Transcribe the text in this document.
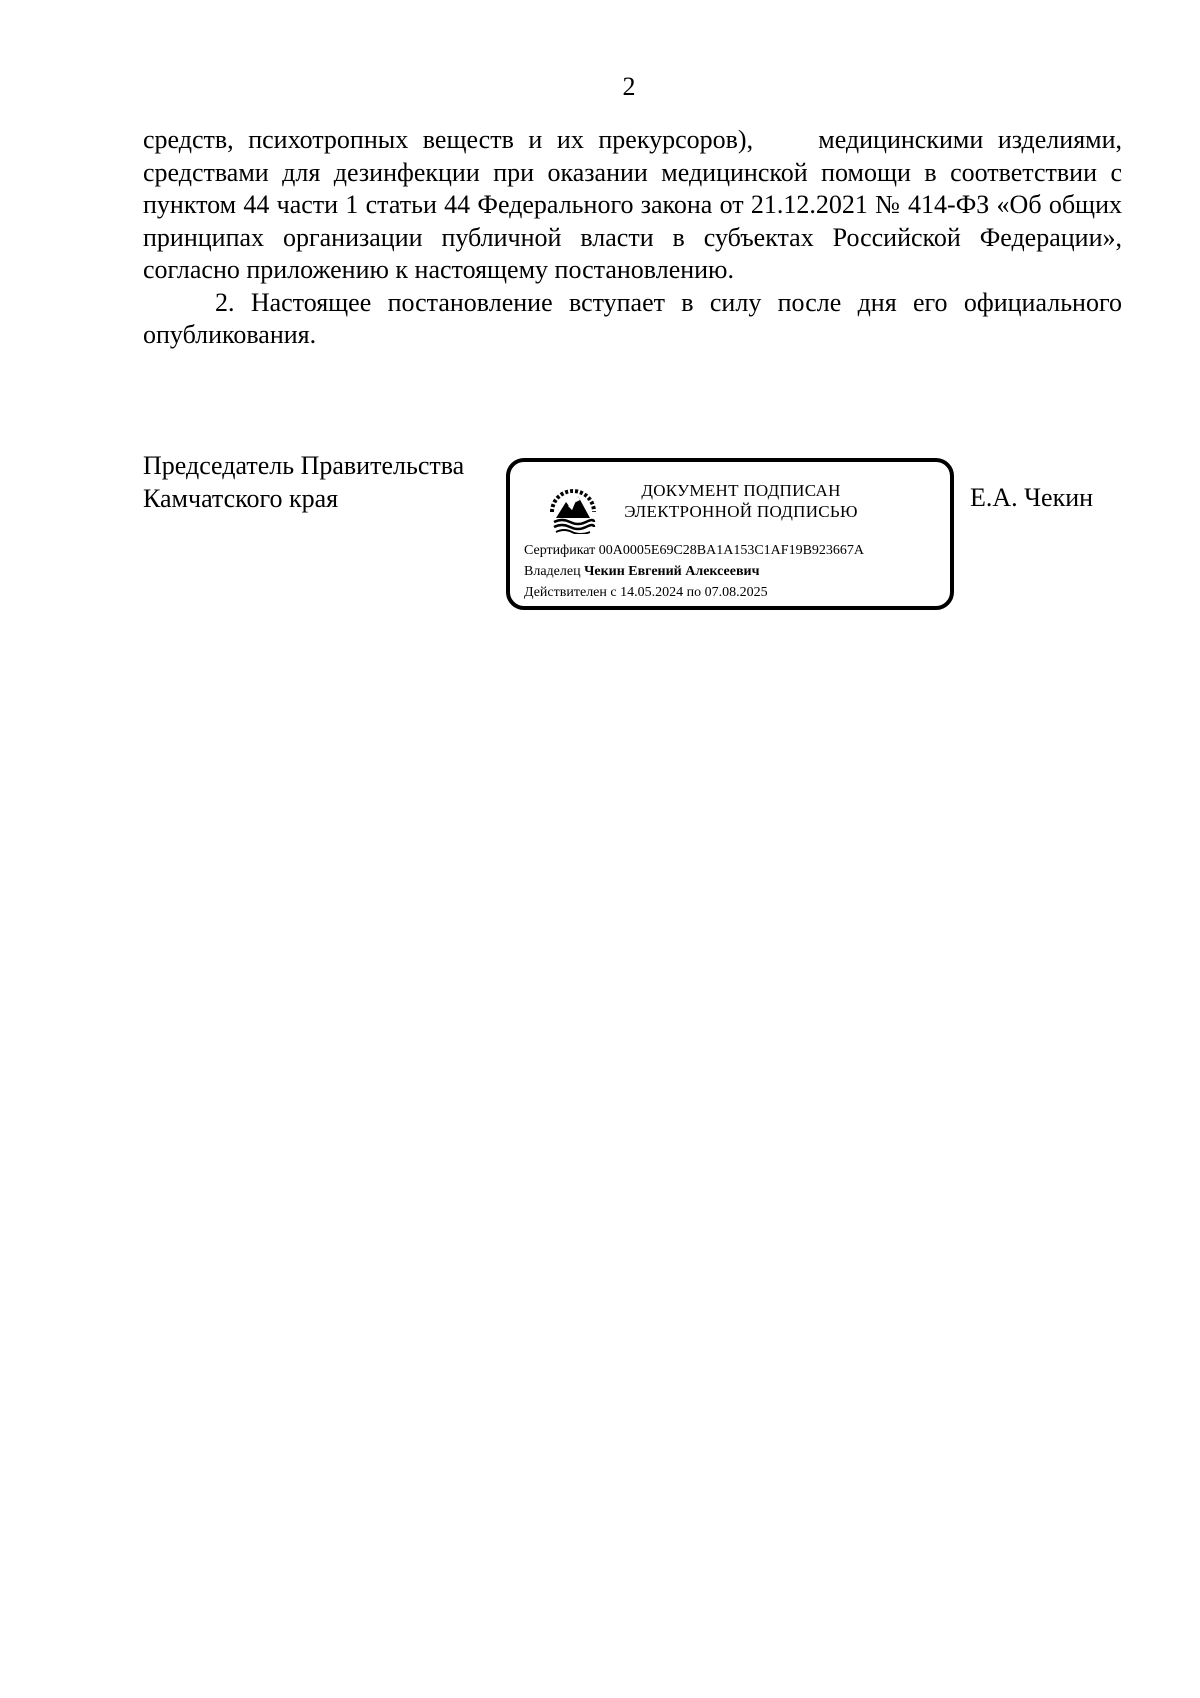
2

средств, психотропных веществ и их прекурсоров),	медицинскими изделиями, средствами для дезинфекции при оказании медицинской помощи в соответствии с пунктом 44 части 1 статьи 44 Федерального закона от 21.12.2021 № 414-ФЗ «Об общих принципах организации публичной власти в субъектах Российской Федерации», согласно приложению к настоящему постановлению.

2. Настоящее постановление вступает в силу после дня его официального опубликования.

Председатель Правительства
Камчатского края	ДОКУМЕНТ ПОДПИСАН
ЭЛЕКТРОННОЙ ПОДПИСЬЮ
Сертификат 00A0005E69C28BA1A153C1AF19B923667A
Владелец Чекин Евгений Алексеевич
Действителен с 14.05.2024 по 07.08.2025
Е.А. Чекин
